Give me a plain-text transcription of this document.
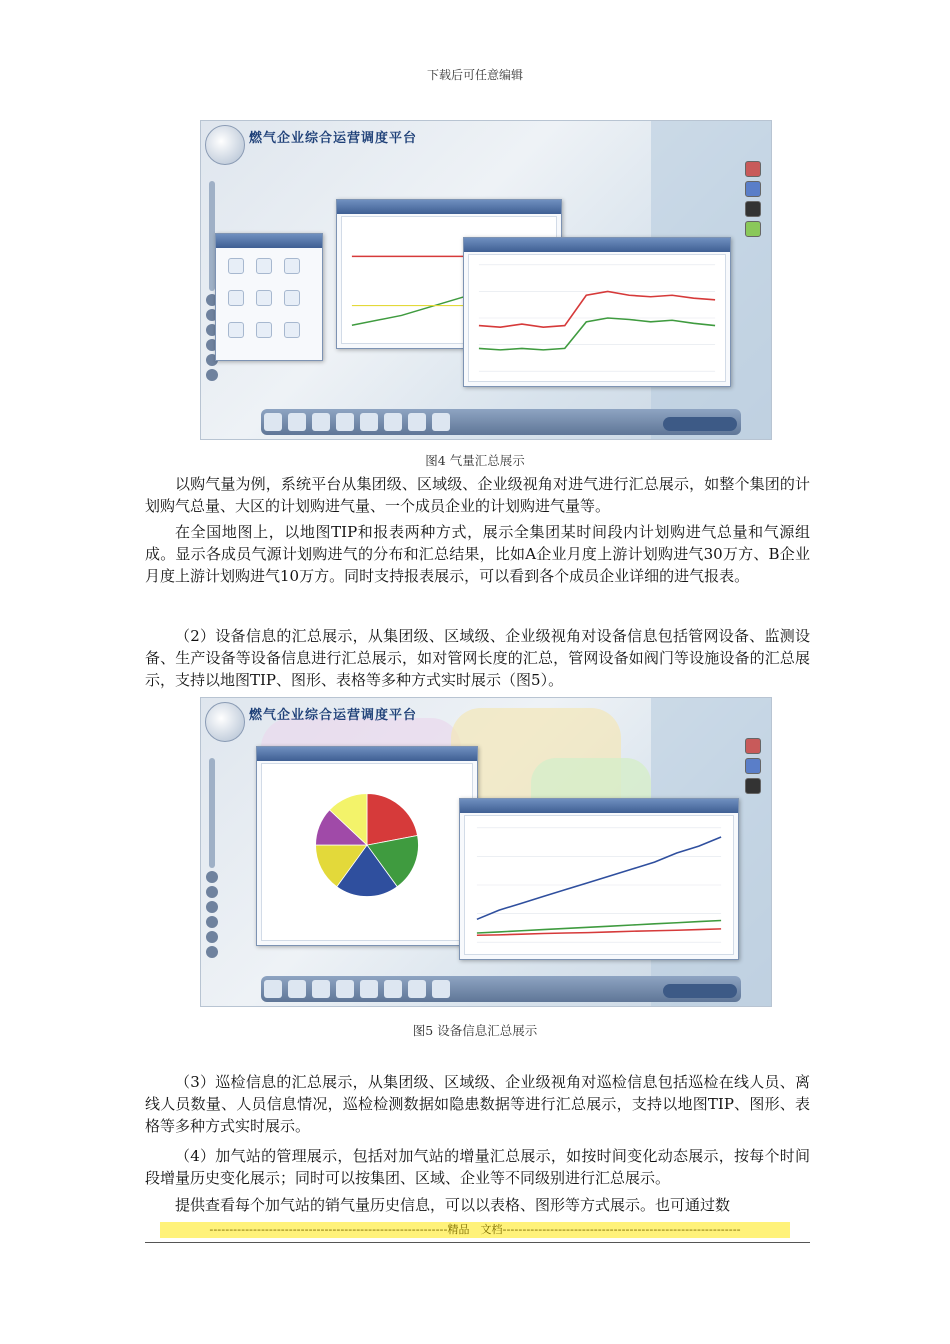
下载后可任意编辑
燃气企业综合运营调度平台

图4 气量汇总展示
以购气量为例，系统平台从集团级、区域级、企业级视角对进气进行汇总展示，如整个集团的计划购气总量、大区的计划购进气量、一个成员企业的计划购进气量等。
在全国地图上，以地图TIP和报表两种方式，展示全集团某时间段内计划购进气总量和气源组成。显示各成员气源计划购进气的分布和汇总结果，比如A企业月度上游计划购进气30万方、B企业月度上游计划购进气10万方。同时支持报表展示，可以看到各个成员企业详细的进气报表。
（2）设备信息的汇总展示，从集团级、区域级、企业级视角对设备信息包括管网设备、监测设备、生产设备等设备信息进行汇总展示，如对管网长度的汇总，管网设备如阀门等设施设备的汇总展示，支持以地图TIP、图形、表格等多种方式实时展示（图5）。
燃气企业综合运营调度平台
图5 设备信息汇总展示
（3）巡检信息的汇总展示，从集团级、区域级、企业级视角对巡检信息包括巡检在线人员、离线人员数量、人员信息情况，巡检检测数据如隐患数据等进行汇总展示，支持以地图TIP、图形、表格等多种方式实时展示。
（4）加气站的管理展示，包括对加气站的增量汇总展示，如按时间变化动态展示，按每个时间段增量历史变化展示；同时可以按集团、区域、企业等不同级别进行汇总展示。
提供查看每个加气站的销气量历史信息，可以以表格、图形等方式展示。也可通过数
------------------------------------------------------------精品　文档------------------------------------------------------------
